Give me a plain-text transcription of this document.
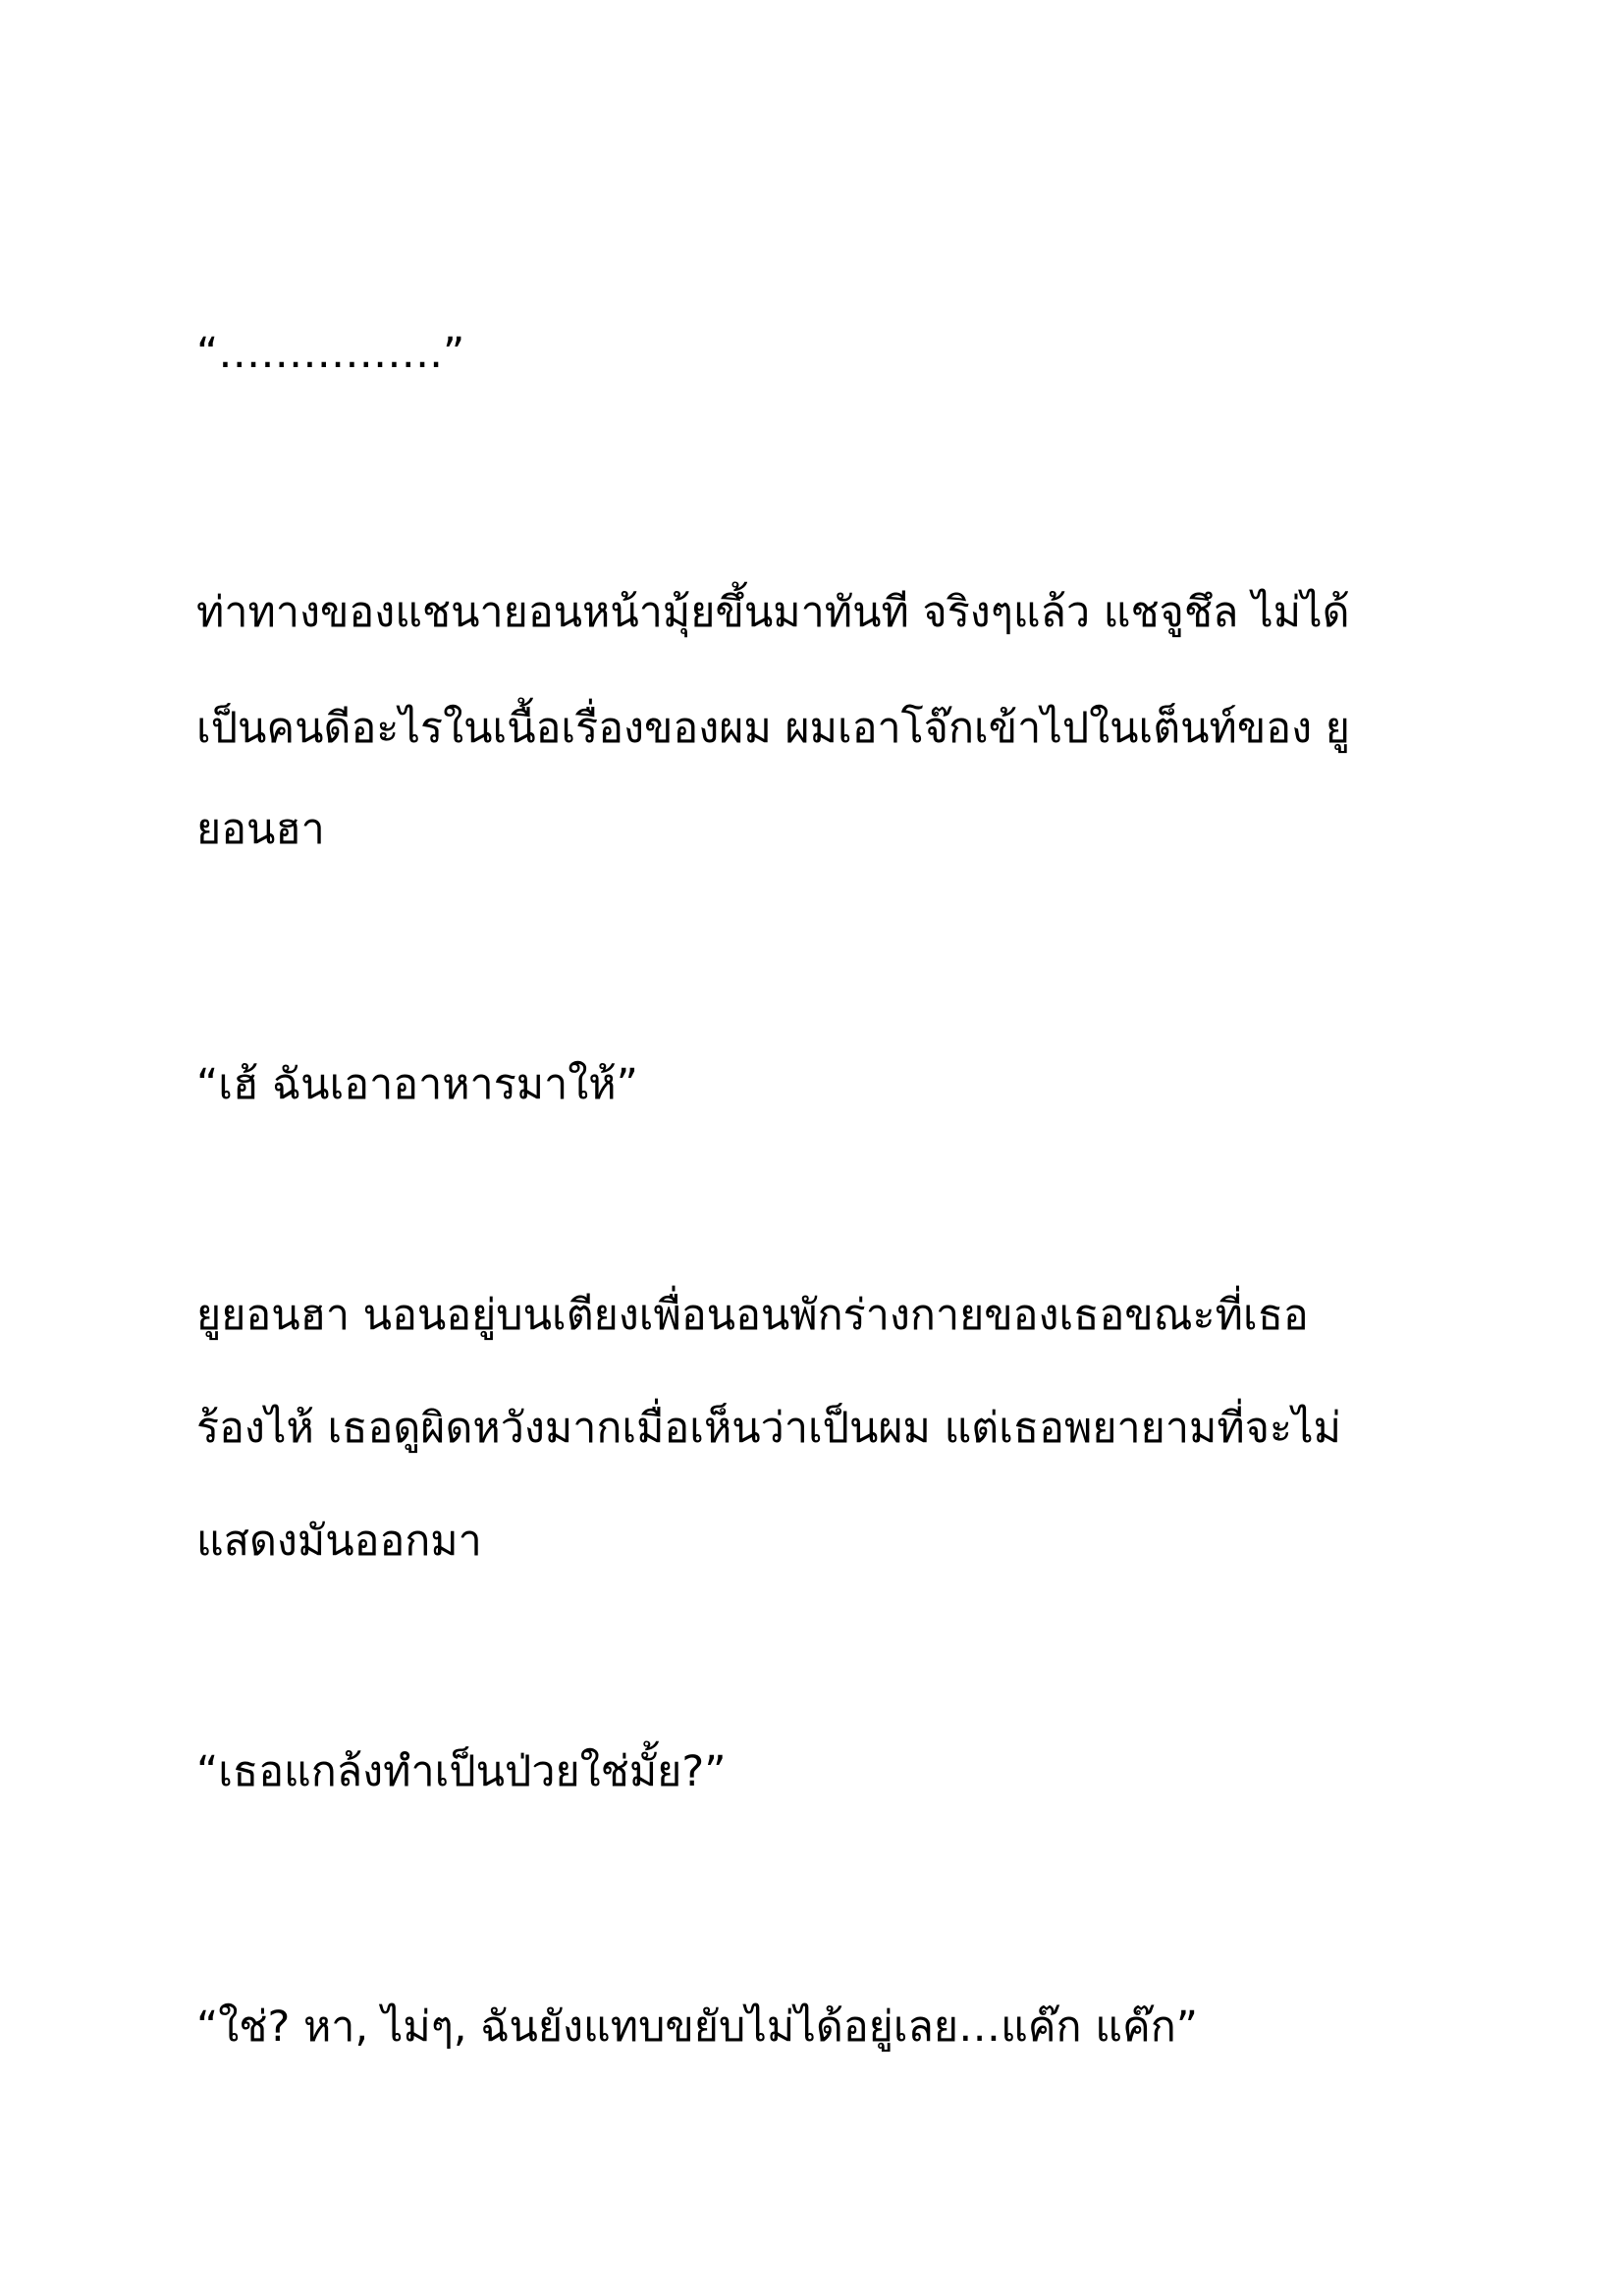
“…………….”
ท่าทางของแชนายอนหน้ามุ้ยขึ้นมาทันที จริงๆแล้ว แชจูชึล ไม่ได้
เป็นคนดีอะไรในเนื้อเรื่องของผม ผมเอาโจ๊กเข้าไปในเต็นท์ของ ยู
ยอนฮา
“เฮ้ ฉันเอาอาหารมาให้”
ยูยอนฮา นอนอยู่บนเตียงเพื่อนอนพักร่างกายของเธอขณะที่เธอ
ร้องไห้ เธอดูผิดหวังมากเมื่อเห็นว่าเป็นผม แต่เธอพยายามที่จะไม่
แสดงมันออกมา
“เธอแกล้งทำเป็นป่วยใช่มั้ย?”
“ใช่? หา, ไม่ๆ, ฉันยังแทบขยับไม่ได้อยู่เลย…แค๊ก แค๊ก”
